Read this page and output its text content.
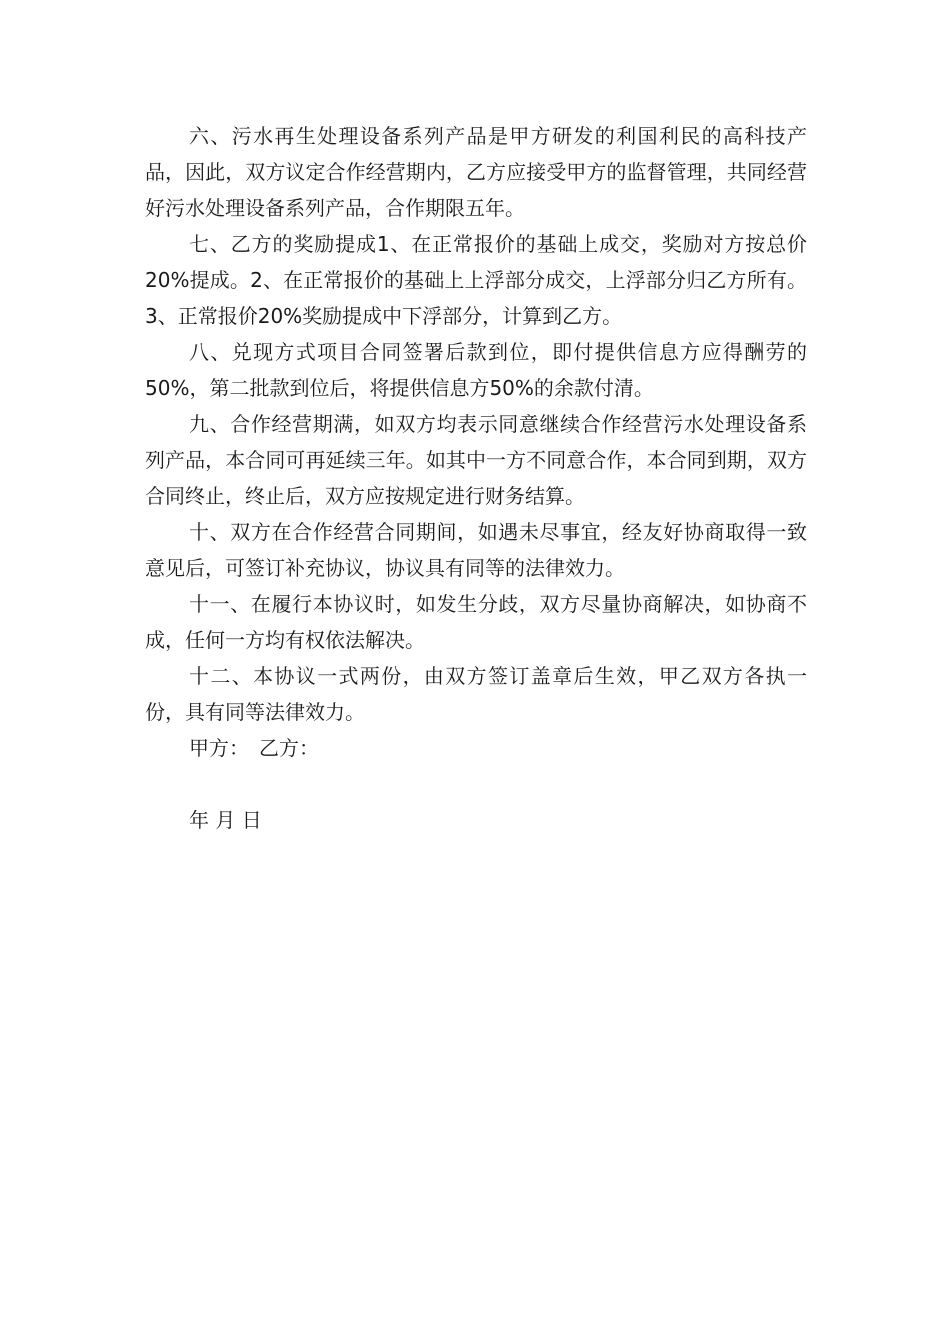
六、污水再生处理设备系列产品是甲方研发的利国利民的高科技产品，因此，双方议定合作经营期内，乙方应接受甲方的监督管理，共同经营好污水处理设备系列产品，合作期限五年。

七、乙方的奖励提成1、在正常报价的基础上成交，奖励对方按总价20%提成。2、在正常报价的基础上上浮部分成交，上浮部分归乙方所有。3、正常报价20%奖励提成中下浮部分，计算到乙方。

八、兑现方式项目合同签署后款到位，即付提供信息方应得酬劳的50%，第二批款到位后，将提供信息方50%的余款付清。

九、合作经营期满，如双方均表示同意继续合作经营污水处理设备系列产品，本合同可再延续三年。如其中一方不同意合作，本合同到期，双方合同终止，终止后，双方应按规定进行财务结算。

十、双方在合作经营合同期间，如遇未尽事宜，经友好协商取得一致意见后，可签订补充协议，协议具有同等的法律效力。

十一、在履行本协议时，如发生分歧，双方尽量协商解决，如协商不成，任何一方均有权依法解决。

十二、本协议一式两份，由双方签订盖章后生效，甲乙双方各执一份，具有同等法律效力。

甲方： 乙方：

年 月 日
